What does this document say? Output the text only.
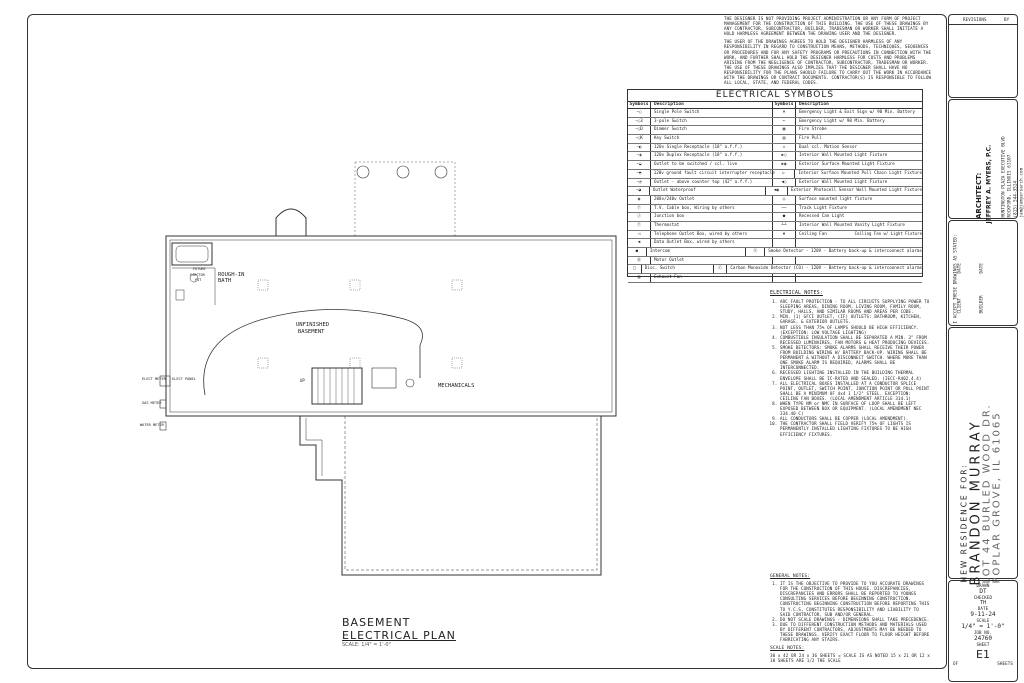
THE DESIGNER IS NOT PROVIDING PROJECT ADMINISTRATION OR ANY FORM OF PROJECT MANAGEMENT FOR THE CONSTRUCTION OF THIS BUILDING. THE USE OF THESE DRAWINGS BY ANY CONTRACTOR, SUBCONTRACTOR, BUILDER, TRADESMAN OR WORKER SHALL INITIATE A HOLD HARMLESS AGREEMENT BETWEEN THE DRAWING USER AND THE DESIGNER.

THE USER OF THE DRAWINGS AGREES TO HOLD THE DESIGNER HARMLESS OF ANY RESPONSIBILITY IN REGARD TO CONSTRUCTION MEANS, METHODS, TECHNIQUES, SEQUENCES OR PROCEDURES AND FOR ANY SAFETY PROGRAMS OR PRECAUTIONS IN CONNECTION WITH THE WORK, AND FURTHER SHALL HOLD THE DESIGNER HARMLESS FOR COSTS AND PROBLEMS ARISING FROM THE NEGLIGENCE OF CONTRACTOR, SUBCONTRACTOR, TRADESMAN OR WORKER. THE USE OF THESE DRAWINGS ALSO IMPLIES THAT THE DESIGNER SHALL HAVE NO RESPONSIBILITY FOR THE PLANS SHOULD FAILURE TO CARRY OUT THE WORK IN ACCORDANCE WITH THE DRAWINGS OR CONTRACT DOCUMENTS. CONTRACTOR(S) IS RESPONSIBLE TO FOLLOW ALL LOCAL, STATE, AND FEDERAL CODES.

ELECTRICAL SYMBOLS
Symbols	Description	Symbols	Description
−○	Single Pole Switch	⌘	Emergency Light & Exit Sign w/ 90 Min. Battery
−○3	3-pole Switch	⌐	Emergency Light w/ 90 Min. Battery
−○D	Dimmer Switch	▣	Fire Strobe
−○K	Key Switch	▤	Fire Pull
−◐	120v Single Receptacle (18" a.f.f.)	◇	Dual ccl. Motion Sensor
−◑	120v Duplex Receptacle (18" a.f.f.)	▶○	Interior Wall Mounted Light Fixture
−◒	Outlet to be switched / ccl. live	▶◉	Exterior Surface Mounted Light Fixture
−◓	120v ground fault circuit interrupter receptacle	▷	Interior Surface Mounted Pull Chain Light Fixture
−◔	Outlet - above counter top (42" a.f.f.)	◀○	Exterior Wall Mounted Light Fixture
−◕	Outlet Waterproof	◀◉	Exterior Photocell Sensor Wall Mounted Light Fixture
◉	208v/240v Outlet	◎	Surface mounted light fixture
Ⓣ	T.V. Cable box, Wiring by others	──	Track Light Fixture
Ⓙ	Junction box	●	Recessed Can Light
Ⓣ	Thermostat	┴┴	Interior Wall Mounted Vanity Light Fixture
◁	Telephone Outlet Box, wired by others	✖	Ceiling Fan	Ceiling Fan w/ Light Fixture
◀	Data Outlet Box, wired by others
●	Intercom	Ⓢ	Smoke Detector - 120V - Battery back-up & interconnect alarms
Ⓜ	Motor Outlet
□	Disc. Switch	Ⓒ	Carbon Monoxide Detector (CO) - 120V - Battery back-up & interconnect alarms
▧	Exhaust Fan
ELECTRICAL NOTES:
1. ARC FAULT PROTECTION - TO ALL CIRCUITS SUPPLYING POWER TO SLEEPING AREAS, DINING ROOM, LIVING ROOM, FAMILY ROOM, STUDY, HALLS, AND SIMILAR ROOMS AND AREAS PER CODE.
2. MIN. (1) GFCI OUTLET, (IF) OUTLETS: BATHROOM, KITCHEN, GARAGE, & EXTERIOR OUTLETS.
3. NOT LESS THAN 75% OF LAMPS SHOULD BE HIGH EFFICIENCY. (EXCEPTION: LOW VOLTAGE LIGHTING)
4. COMBUSTIBLE INSULATION SHALL BE SEPARATED A MIN. 3" FROM RECESSED LUMINAIRES, FAN MOTORS & HEAT PRODUCING DEVICES.
5. SMOKE DETECTORS: SMOKE ALARMS SHALL RECEIVE THEIR POWER FROM BUILDING WIRING W/ BATTERY BACK-UP. WIRING SHALL BE PERMANENT & WITHOUT A DISCONNECT SWITCH. WHERE MORE THAN ONE SMOKE ALARM IS REQUIRED, ALARMS SHALL BE INTERCONNECTED.
6. RECESSED LIGHTING INSTALLED IN THE BUILDING THERMAL ENVELOPE SHALL BE IC-RATED AND SEALED. (IECC-R402.4.4)
7. ALL ELECTRICAL BOXES INSTALLED AT A CONDUCTOR SPLICE POINT, OUTLET, SWITCH POINT, JUNCTION POINT OR PULL POINT SHALL BE A MINIMUM OF 4x4 1 1/2" STEEL. EXCEPTION: CEILING FAN BOXES. (LOCAL AMENDMENT ARTICLE 314.1)
8. WHEN TYPE NM or NMC IN SURFACE OF LOOP SHALL BE LEFT EXPOSED BETWEEN BOX OR EQUIPMENT. (LOCAL AMENDMENT NEC 334.40 C)
9. ALL CONDUCTORS SHALL BE COPPER (LOCAL AMENDMENT).
10. THE CONTRACTOR SHALL FIELD VERIFY 75% OF LIGHTS IS PERMANENTLY INSTALLED LIGHTING FIXTURES TO BE HIGH EFFICIENCY FIXTURES.
GENERAL NOTES:
1. IT IS THE OBJECTIVE TO PROVIDE TO YOU ACCURATE DRAWINGS FOR THE CONSTRUCTION OF THIS HOUSE. DISCREPANCIES, DISCREPANCIES AND ERRORS SHALL BE REPORTED TO YOUNGS CONSULTING SERVICES BEFORE BEGINNING CONSTRUCTION. CONSTRUCTING BEGINNING CONSTRUCTION BEFORE REPORTING THIS TO Y.C.S. CONSTITUTES RESPONSIBILITY AND LIABILITY TO SAID CONTRACTOR, SUB AND/OR GENERAL.
2. DO NOT SCALE DRAWINGS - DIMENSIONS SHALL TAKE PRECEDENCE.
3. DUE TO DIFFERENT CONSTRUCTION METHODS AND MATERIALS USED BY DIFFERENT CONTRACTORS, ADJUSTMENTS MAY BE NEEDED TO THESE DRAWINGS. VERIFY EXACT FLOOR TO FLOOR HEIGHT BEFORE FABRICATING ANY STAIRS.
SCALE NOTES:
30 x 42 OR 24 x 36 SHEETS = SCALE IS AS NOTED 15 x 21 OR 12 x 18 SHEETS ARE 1/2 THE SCALE
ROUGH-IN
BATH
FUTURE
EJECTOR
PIT
UNFINISHED
BASEMENT
MECHANICALS
ELECT METER ELECT PANEL
GAS METER
WATER METER
UP
BASEMENT
ELECTRICAL PLAN
SCALE: 1/4" = 1'-0"
REVISIONS	BY
ARCHITECT: JEFFREY A. MYERS, P.C. HUNTINGTON PLAZA EXECUTIVE BLVD ROCKFORD, ILLINOIS 61107 (815) 544-3524 jam@jamyersarch.com
I ACCEPT THESE DRAWINGS AS STATED: CLIENT
DATE
BUILDER
DATE
NEW RESIDENCE FOR: BRANDON MURRAY
LOT 44 BURLED WOOD DR. POPLAR GROVE, IL 61065
DRAWN
DT
CHECKED
TH
DATE
9-11-24
SCALE
1/4" = 1'-0"
JOB NO.
24760
SHEET
E1
OF	SHEETS
